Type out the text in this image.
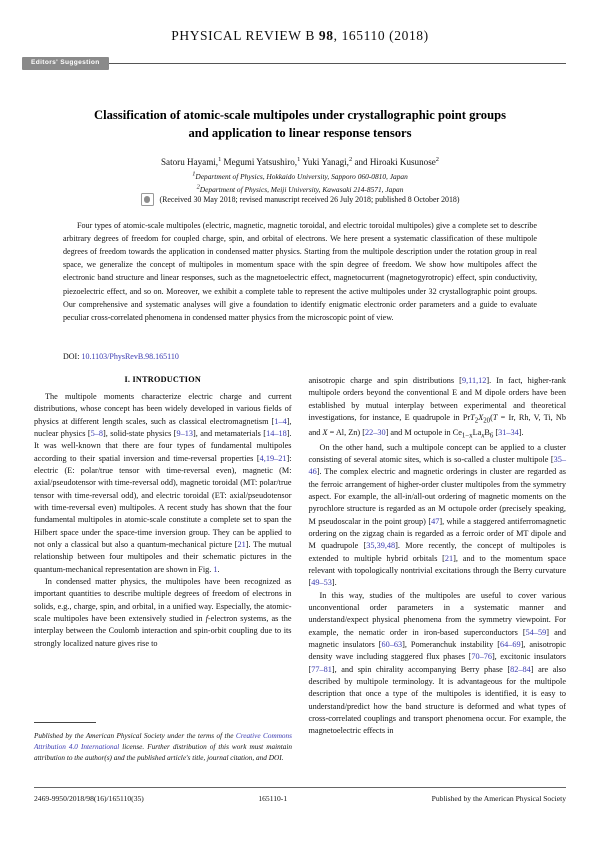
PHYSICAL REVIEW B 98, 165110 (2018)
Editors' Suggestion
Classification of atomic-scale multipoles under crystallographic point groups
and application to linear response tensors
Satoru Hayami,$^1$ Megumi Yatsushiro,$^1$ Yuki Yanagi,$^2$ and Hiroaki Kusunose$^2$
$^1$Department of Physics, Hokkaido University, Sapporo 060-0810, Japan
$^2$Department of Physics, Meiji University, Kawasaki 214-8571, Japan
(Received 30 May 2018; revised manuscript received 26 July 2018; published 8 October 2018)

Four types of atomic-scale multipoles (electric, magnetic, magnetic toroidal, and electric toroidal multipoles) give a complete set to describe arbitrary degrees of freedom for coupled charge, spin, and orbital of electrons. We here present a systematic classification of these multipole degrees of freedom towards the application in condensed matter physics. Starting from the multipole description under the rotation group in real space, we generalize the concept of multipoles in momentum space with the spin degree of freedom. We show how multipoles affect the electronic band structure and linear responses, such as the magnetoelectric effect, magnetocurrent (magnetogyrotropic) effect, spin conductivity, piezoelectric effect, and so on. Moreover, we exhibit a complete table to represent the active multipoles under 32 crystallographic point groups. Our comprehensive and systematic analyses will give a foundation to identify enigmatic electronic order parameters and a guide to evaluate peculiar cross-correlated phenomena in condensed matter physics from the microscopic point of view.

DOI: 10.1103/PhysRevB.98.165110
I. INTRODUCTION

The multipole moments characterize electric charge and current distributions, whose concept has been widely developed in various fields of physics at different length scales, such as classical electromagnetism [1–4], nuclear physics [5–8], solid-state physics [9–13], and metamaterials [14–18]. It was well-known that there are four types of fundamental multipoles according to their spatial inversion and time-reversal properties [4,19–21]: electric (E: polar/true tensor with time-reversal even), magnetic (M: axial/pseudotensor with time-reversal odd), magnetic toroidal (MT: polar/true tensor with time-reversal odd), and electric toroidal (ET: axial/pseudotensor with time-reversal even) multipoles. A recent study has shown that the four fundamental multipoles in atomic-scale constitute a complete set to span the Hilbert space under the space-time inversion group. They can be applied to not only a classical but also a quantum-mechanical picture [21]. The mutual relationship between four multipoles and their schematic pictures in the quantum-mechanical representation are shown in Fig. 1.

In condensed matter physics, the multipoles have been recognized as important quantities to describe multiple degrees of freedom of electrons in solids, e.g., charge, spin, and orbital, in a unified way. Especially, the atomic-scale multipoles have been extensively studied in f-electron systems, as the interplay between the Coulomb interaction and spin-orbit coupling due to its strongly localized nature gives rise to

anisotropic charge and spin distributions [9,11,12]. In fact, higher-rank multipole orders beyond the conventional E and M dipole orders have been established by mutual interplay between experimental and theoretical investigations, for instance, E quadrupole in $PrT_2X_{20}(T = Ir$, Rh, V, Ti, Nb and X = Al, Zn) [22–30] and M octupole in $Ce_{1-x}La_xB_6$ [31–34].

On the other hand, such a multipole concept can be applied to a cluster consisting of several atomic sites, which is so-called a cluster multipole [35–46]. The complex electric and magnetic orderings in cluster are regarded as the ferroic arrangement of higher-order cluster multipoles from the symmetry aspect. For example, the all-in/all-out ordering of magnetic moments on the pyrochlore structure is regarded as an M octupole order (precisely speaking, M pseudoscalar in the point group) [47], while a staggered antiferromagnetic ordering on the zigzag chain is regarded as a ferroic order of MT dipole and M quadrupole [35,39,48]. More recently, the concept of multipoles is extended to multiple hybrid orbitals [21], and to the momentum space relevant with topologically nontrivial excitations through the Berry curvature [49–53].

In this way, studies of the multipoles are useful to cover various unconventional order parameters in a systematic manner and understand/expect physical phenomena from the symmetry viewpoint. For example, the nematic order in iron-based superconductors [54–59] and magnetic insulators [60–63], Pomeranchuk instability [64–69], anisotropic density wave including staggered flux phases [70–76], excitonic insulators [77–81], and spin chirality accompanying Berry phase [82–84] are also described by multipole terminology. It is advantageous for the multipole description that once a type of the multipoles is identified, it is easy to understand/predict how the band structure is deformed and what types of cross-correlated couplings and transport phenomena occur. For example, the magnetoelectric effects in

Published by the American Physical Society under the terms of the Creative Commons Attribution 4.0 International license. Further distribution of this work must maintain attribution to the author(s) and the published article's title, journal citation, and DOI.
2469-9950/2018/98(16)/165110(35)	165110-1	Published by the American Physical Society
